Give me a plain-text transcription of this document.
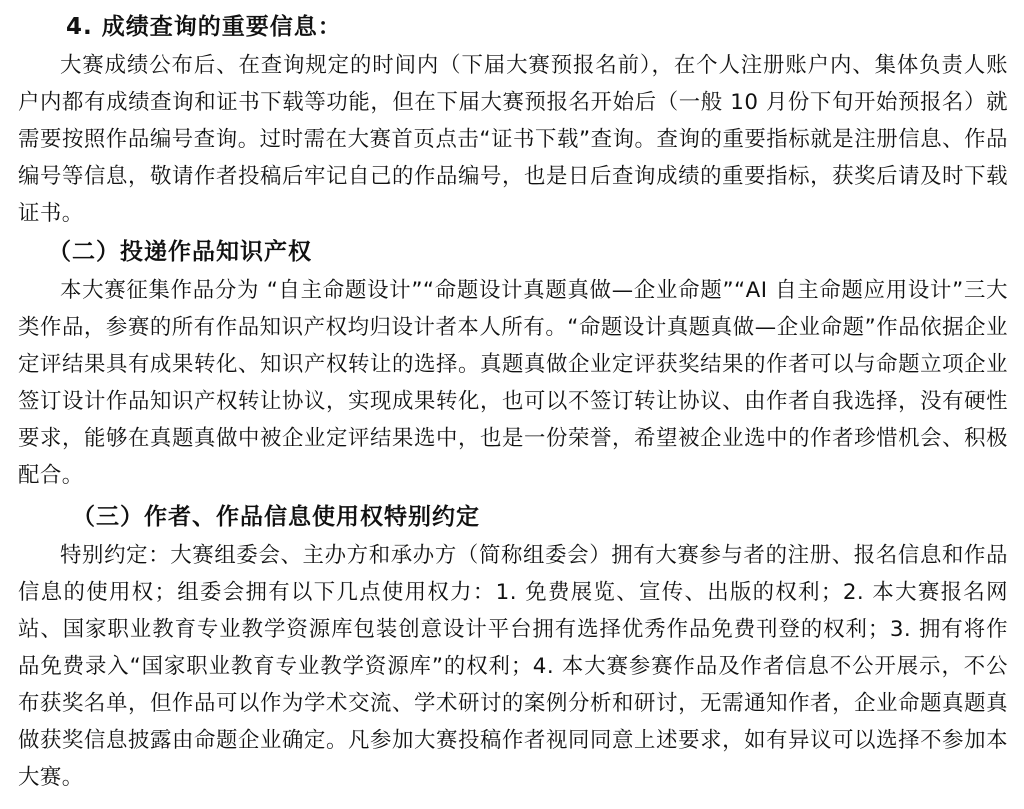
4. 成绩查询的重要信息：

大赛成绩公布后、在查询规定的时间内（下届大赛预报名前），在个人注册账户内、集体负责人账户内都有成绩查询和证书下载等功能，但在下届大赛预报名开始后（一般 10 月份下旬开始预报名）就需要按照作品编号查询。过时需在大赛首页点击“证书下载”查询。查询的重要指标就是注册信息、作品编号等信息，敬请作者投稿后牢记自己的作品编号，也是日后查询成绩的重要指标，获奖后请及时下载证书。

（二）投递作品知识产权

本大赛征集作品分为 “自主命题设计”“命题设计真题真做—企业命题”“AI 自主命题应用设计”三大类作品，参赛的所有作品知识产权均归设计者本人所有。“命题设计真题真做—企业命题”作品依据企业定评结果具有成果转化、知识产权转让的选择。真题真做企业定评获奖结果的作者可以与命题立项企业签订设计作品知识产权转让协议，实现成果转化，也可以不签订转让协议、由作者自我选择，没有硬性要求，能够在真题真做中被企业定评结果选中，也是一份荣誉，希望被企业选中的作者珍惜机会、积极配合。

（三）作者、作品信息使用权特别约定

特别约定：大赛组委会、主办方和承办方（简称组委会）拥有大赛参与者的注册、报名信息和作品信息的使用权；组委会拥有以下几点使用权力：1. 免费展览、宣传、出版的权利；2. 本大赛报名网站、国家职业教育专业教学资源库包装创意设计平台拥有选择优秀作品免费刊登的权利；3. 拥有将作品免费录入“国家职业教育专业教学资源库”的权利；4. 本大赛参赛作品及作者信息不公开展示，不公布获奖名单，但作品可以作为学术交流、学术研讨的案例分析和研讨，无需通知作者，企业命题真题真做获奖信息披露由命题企业确定。凡参加大赛投稿作者视同同意上述要求，如有异议可以选择不参加本大赛。
